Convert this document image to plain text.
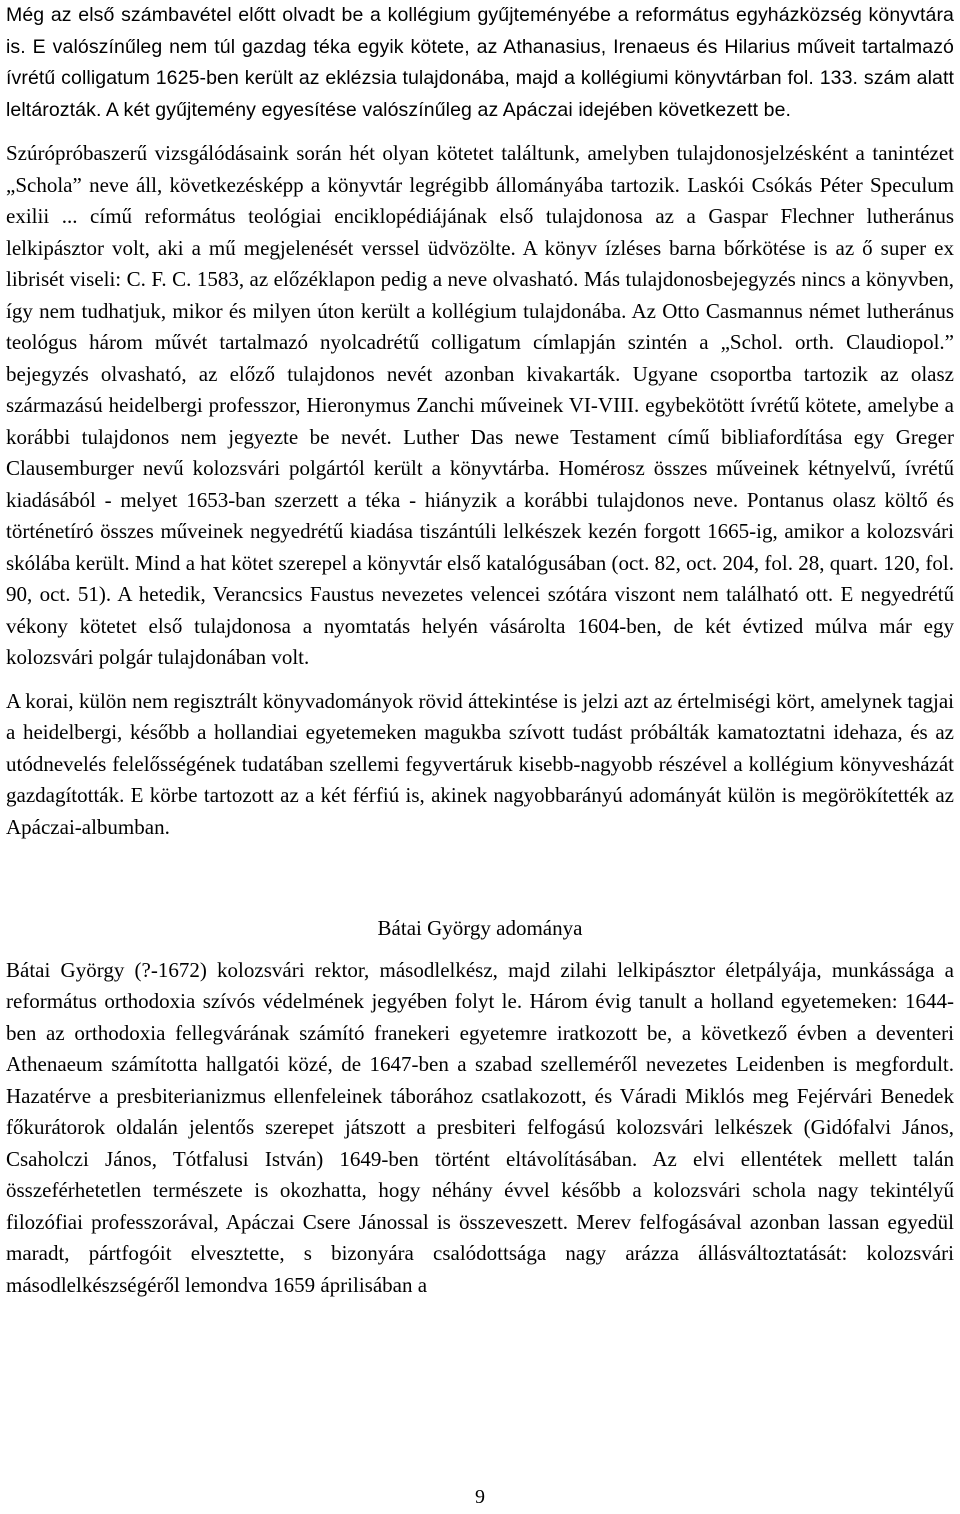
Még az első számbavétel előtt olvadt be a kollégium gyűjteményébe a református egyházközség könyvtára is. E valószínűleg nem túl gazdag téka egyik kötete, az Athanasius, Irenaeus és Hilarius műveit tartalmazó ívrétű colligatum 1625-ben került az eklézsia tulajdonába, majd a kollégiumi könyvtárban fol. 133. szám alatt leltározták. A két gyűjtemény egyesítése valószínűleg az Apáczai idejében következett be.

Szúrópróbaszerű vizsgálódásaink során hét olyan kötetet találtunk, amelyben tulajdonosjelzésként a tanintézet „Schola” neve áll, következésképp a könyvtár legrégibb állományába tartozik. Laskói Csókás Péter Speculum exilii ... című református teológiai enciklopédiájának első tulajdonosa az a Gaspar Flechner lutheránus lelkipásztor volt, aki a mű megjelenését verssel üdvözölte. A könyv ízléses barna bőrkötése is az ő super ex librisét viseli: C. F. C. 1583, az előzéklapon pedig a neve olvasható. Más tulajdonosbejegyzés nincs a könyvben, így nem tudhatjuk, mikor és milyen úton került a kollégium tulajdonába. Az Otto Casmannus német lutheránus teológus három művét tartalmazó nyolcadrétű colligatum címlapján szintén a „Schol. orth. Claudiopol.” bejegyzés olvasható, az előző tulajdonos nevét azonban kivakarták. Ugyane csoportba tartozik az olasz származású heidelbergi professzor, Hieronymus Zanchi műveinek VI-VIII. egybekötött ívrétű kötete, amelybe a korábbi tulajdonos nem jegyezte be nevét. Luther Das newe Testament című bibliafordítása egy Greger Clausemburger nevű kolozsvári polgártól került a könyvtárba. Homérosz összes műveinek kétnyelvű, ívrétű kiadásából - melyet 1653-ban szerzett a téka - hiányzik a korábbi tulajdonos neve. Pontanus olasz költő és történetíró összes műveinek negyedrétű kiadása tiszántúli lelkészek kezén forgott 1665-ig, amikor a kolozsvári skólába került. Mind a hat kötet szerepel a könyvtár első katalógusában (oct. 82, oct. 204, fol. 28, quart. 120, fol. 90, oct. 51). A hetedik, Verancsics Faustus nevezetes velencei szótára viszont nem található ott. E negyedrétű vékony kötetet első tulajdonosa a nyomtatás helyén vásárolta 1604-ben, de két évtized múlva már egy kolozsvári polgár tulajdonában volt.

A korai, külön nem regisztrált könyvadományok rövid áttekintése is jelzi azt az értelmiségi kört, amelynek tagjai a heidelbergi, később a hollandiai egyetemeken magukba szívott tudást próbálták kamatoztatni idehaza, és az utódnevelés felelősségének tudatában szellemi fegyvertáruk kisebb-nagyobb részével a kollégium könyvesházát gazdagították. E körbe tartozott az a két férfiú is, akinek nagyobbarányú adományát külön is megörökítették az Apáczai-albumban.

Bátai György adománya

Bátai György (?-1672) kolozsvári rektor, másodlelkész, majd zilahi lelkipásztor életpályája, munkássága a református orthodoxia szívós védelmének jegyében folyt le. Három évig tanult a holland egyetemeken: 1644-ben az orthodoxia fellegvárának számító franekeri egyetemre iratkozott be, a következő évben a deventeri Athenaeum számította hallgatói közé, de 1647-ben a szabad szelleméről nevezetes Leidenben is megfordult. Hazatérve a presbiterianizmus ellenfeleinek táborához csatlakozott, és Váradi Miklós meg Fejérvári Benedek főkurátorok oldalán jelentős szerepet játszott a presbiteri felfogású kolozsvári lelkészek (Gidófalvi János, Csaholczi János, Tótfalusi István) 1649-ben történt eltávolításában. Az elvi ellentétek mellett talán összeférhetetlen természete is okozhatta, hogy néhány évvel később a kolozsvári schola nagy tekintélyű filozófiai professzorával, Apáczai Csere Jánossal is összeveszett. Merev felfogásával azonban lassan egyedül maradt, pártfogóit elvesztette, s bizonyára csalódottsága nagy arázza állásváltoztatását: kolozsvári másodlelkészségéről lemondva 1659 áprilisában a

9
